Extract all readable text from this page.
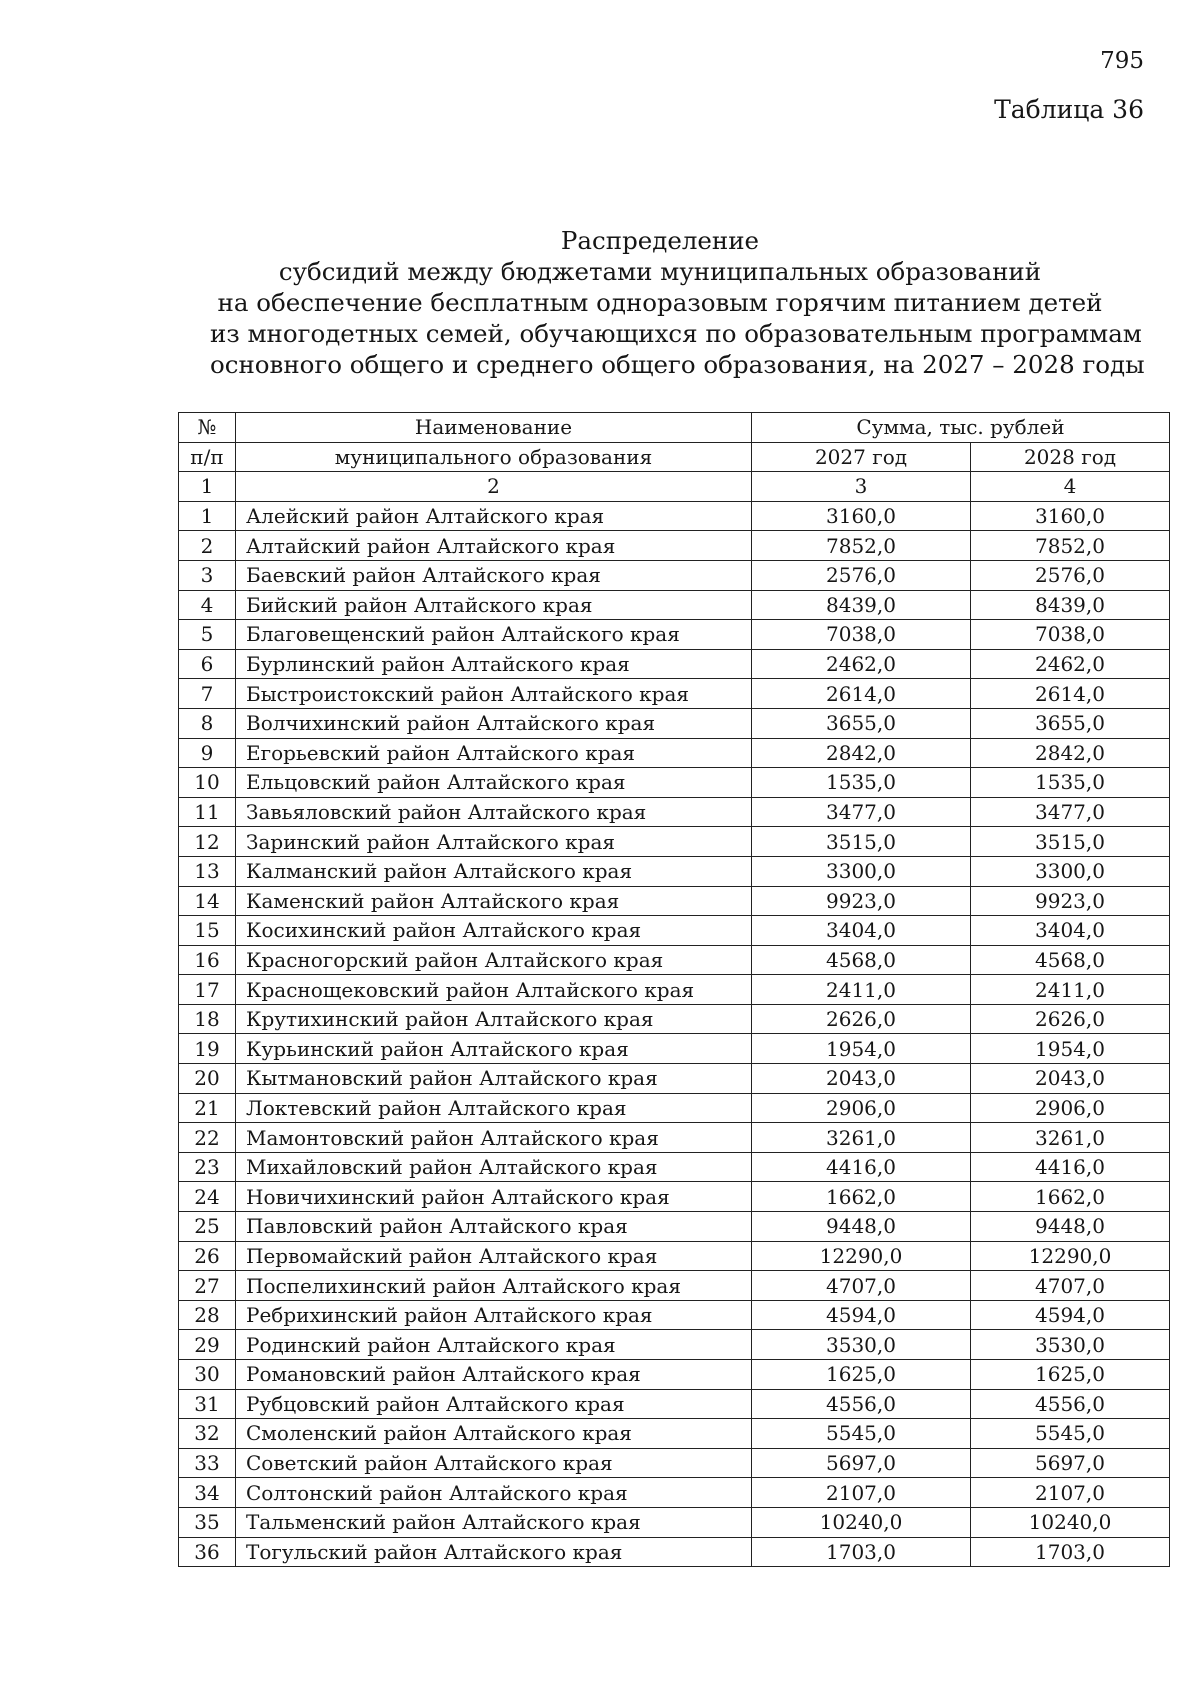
795
Таблица 36
Распределение
субсидий между бюджетами муниципальных образований
на обеспечение бесплатным одноразовым горячим питанием детей
из многодетных семей, обучающихся по образовательным программам
основного общего и среднего общего образования, на 2027 – 2028 годы
№	Наименование	Сумма, тыс. рублей	
п/п	муниципального образования	2027 год	2028 год
1	2	3	4
1	Алейский район Алтайского края	3160,0	3160,0
2	Алтайский район Алтайского края	7852,0	7852,0
3	Баевский район Алтайского края	2576,0	2576,0
4	Бийский район Алтайского края	8439,0	8439,0
5	Благовещенский район Алтайского края	7038,0	7038,0
6	Бурлинский район Алтайского края	2462,0	2462,0
7	Быстроистокский район Алтайского края	2614,0	2614,0
8	Волчихинский район Алтайского края	3655,0	3655,0
9	Егорьевский район Алтайского края	2842,0	2842,0
10	Ельцовский район Алтайского края	1535,0	1535,0
11	Завьяловский район Алтайского края	3477,0	3477,0
12	Заринский район Алтайского края	3515,0	3515,0
13	Калманский район Алтайского края	3300,0	3300,0
14	Каменский район Алтайского края	9923,0	9923,0
15	Косихинский район Алтайского края	3404,0	3404,0
16	Красногорский район Алтайского края	4568,0	4568,0
17	Краснощековский район Алтайского края	2411,0	2411,0
18	Крутихинский район Алтайского края	2626,0	2626,0
19	Курьинский район Алтайского края	1954,0	1954,0
20	Кытмановский район Алтайского края	2043,0	2043,0
21	Локтевский район Алтайского края	2906,0	2906,0
22	Мамонтовский район Алтайского края	3261,0	3261,0
23	Михайловский район Алтайского края	4416,0	4416,0
24	Новичихинский район Алтайского края	1662,0	1662,0
25	Павловский район Алтайского края	9448,0	9448,0
26	Первомайский район Алтайского края	12290,0	12290,0
27	Поспелихинский район Алтайского края	4707,0	4707,0
28	Ребрихинский район Алтайского края	4594,0	4594,0
29	Родинский район Алтайского края	3530,0	3530,0
30	Романовский район Алтайского края	1625,0	1625,0
31	Рубцовский район Алтайского края	4556,0	4556,0
32	Смоленский район Алтайского края	5545,0	5545,0
33	Советский район Алтайского края	5697,0	5697,0
34	Солтонский район Алтайского края	2107,0	2107,0
35	Тальменский район Алтайского края	10240,0	10240,0
36	Тогульский район Алтайского края	1703,0	1703,0
